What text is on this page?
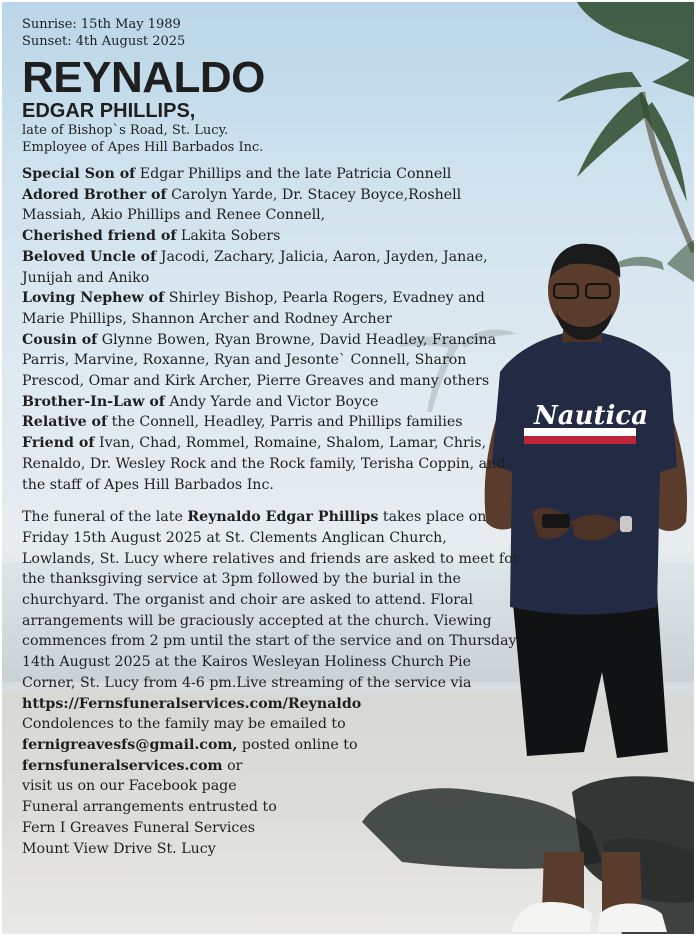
Nautica
Sunrise: 15th May 1989
Sunset: 4th August 2025
REYNALDO
EDGAR PHILLIPS,
late of Bishop`s Road, St. Lucy.
Employee of Apes Hill Barbados Inc.
Special Son of Edgar Phillips and the late Patricia Connell
Adored Brother of Carolyn Yarde, Dr. Stacey Boyce,Roshell Massiah, Akio Phillips and Renee Connell,
Cherished friend of Lakita Sobers
Beloved Uncle of Jacodi, Zachary, Jalicia, Aaron, Jayden, Janae, Junijah and Aniko
Loving Nephew of Shirley Bishop, Pearla Rogers, Evadney and Marie Phillips, Shannon Archer and Rodney Archer
Cousin of Glynne Bowen, Ryan Browne, David Headley, Francina Parris, Marvine, Roxanne, Ryan and Jesonte` Connell, Sharon Prescod, Omar and Kirk Archer, Pierre Greaves and many others
Brother-In-Law of Andy Yarde and Victor Boyce
Relative of the Connell, Headley, Parris and Phillips families
Friend of Ivan, Chad, Rommel, Romaine, Shalom, Lamar, Chris, Renaldo, Dr. Wesley Rock and the Rock family, Terisha Coppin, and the staff of Apes Hill Barbados Inc.
The funeral of the late Reynaldo Edgar Phillips takes place on Friday 15th August 2025 at St. Clements Anglican Church, Lowlands, St. Lucy where relatives and friends are asked to meet for the thanksgiving service at 3pm followed by the burial in the churchyard. The organist and choir are asked to attend. Floral arrangements will be graciously accepted at the church. Viewing commences from 2 pm until the start of the service and on Thursday 14th August 2025 at the Kairos Wesleyan Holiness Church Pie Corner, St. Lucy from 4-6 pm.Live streaming of the service via
https://Fernsfuneralservices.com/Reynaldo
Condolences to the family may be emailed to
fernigreavesfs@gmail.com, posted online to
fernsfuneralservices.com or
visit us on our Facebook page
Funeral arrangements entrusted to
Fern I Greaves Funeral Services
Mount View Drive St. Lucy
